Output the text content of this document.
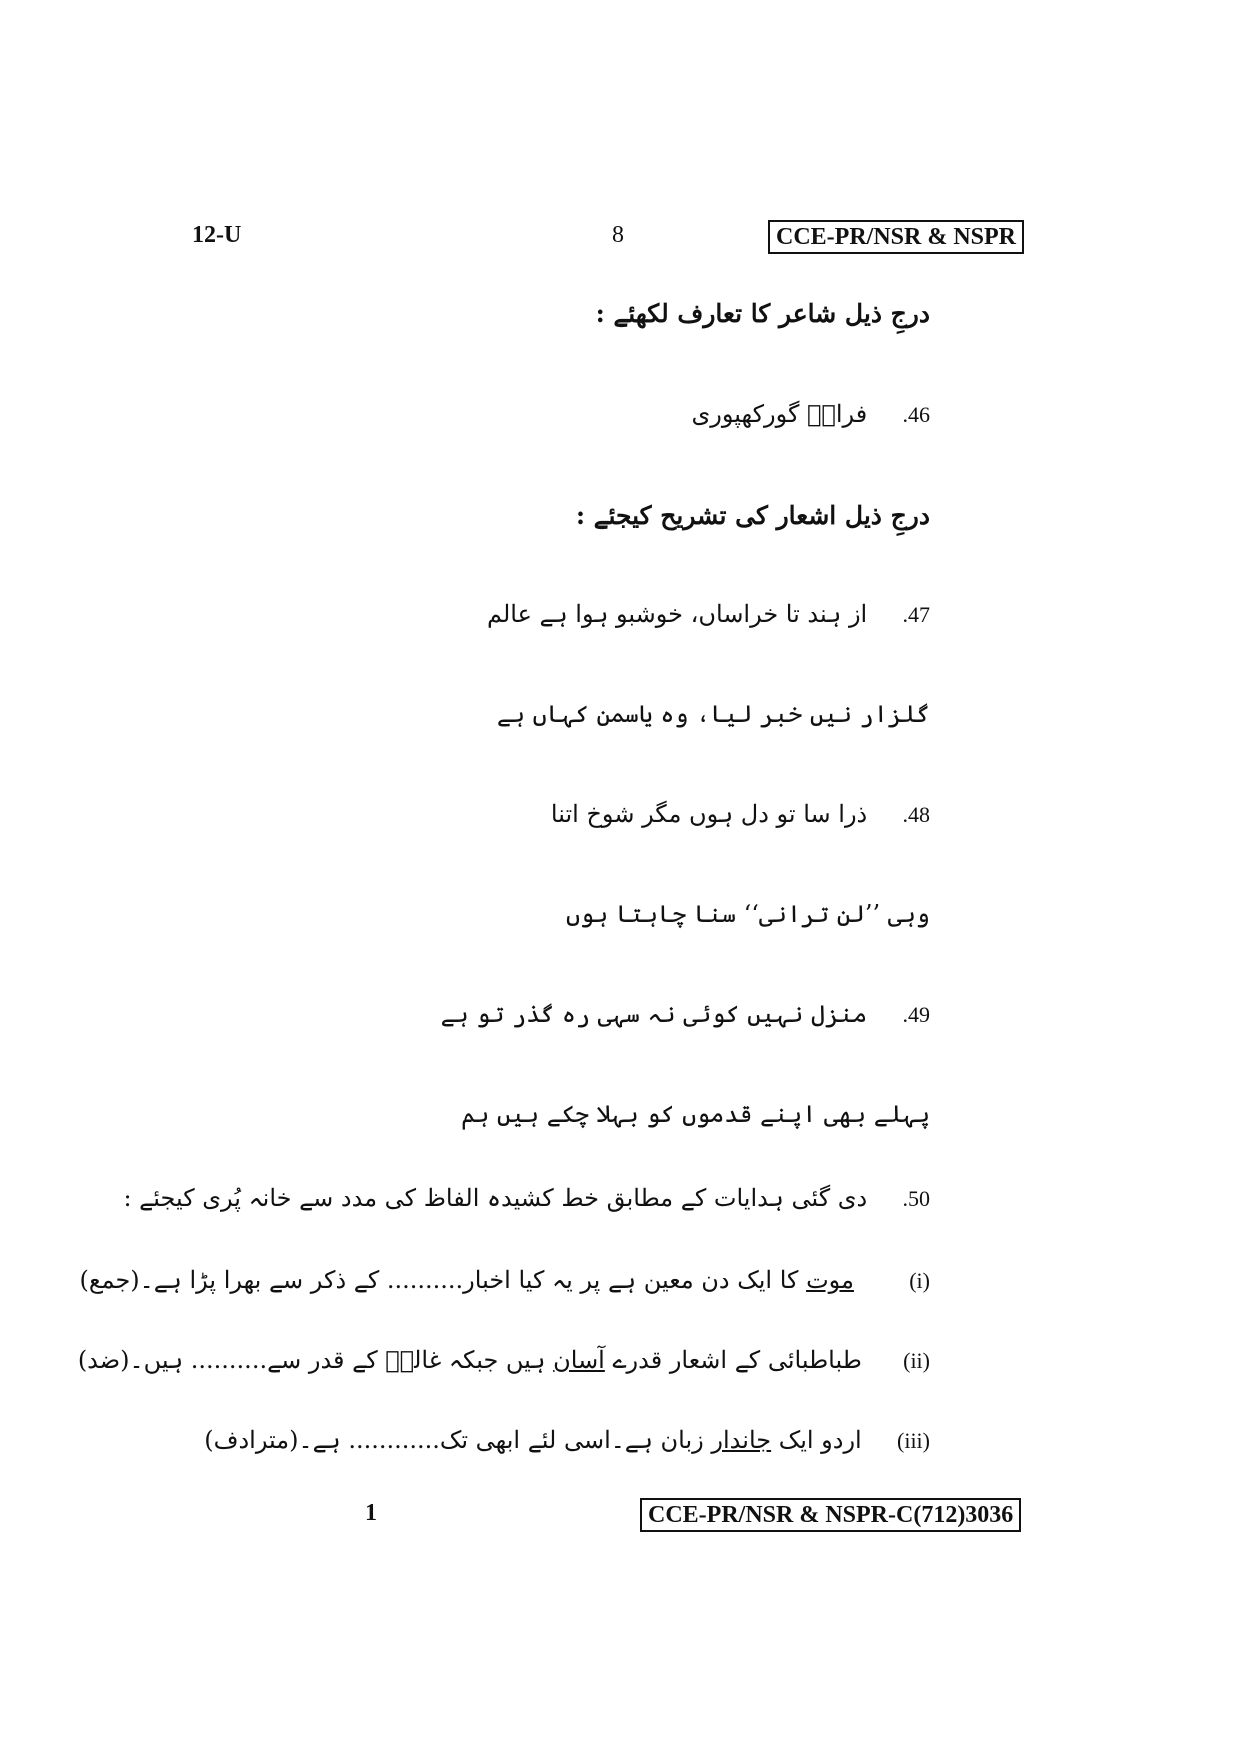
12-U	8	CCE-PR/NSR & NSPR
درجِ ذیل شاعر کا تعارف لکھئے :
46.  فراقؔ گورکھپوری
درجِ ذیل اشعار کی تشریح کیجئے :
47.  از ہند تا خراساں، خوشبو ہوا ہے عالم
گلزار نیں خبر لیا، وہ یاسمن کہاں ہے
48.  ذرا سا تو دل ہوں مگر شوخ اتنا
وہی ’’لن ترانی‘‘ سنا چاہتا ہوں
49.  منزل نہیں کوئی نہ سہی رہ گذر تو ہے
پہلے بھی اپنے قدموں کو بہلا چکے ہیں ہم
50.  دی گئی ہدایات کے مطابق خط کشیدہ الفاظ کی مدد سے خانہ پُری کیجئے :
(i)  موت کا ایک دن معین ہے پر یہ کیا اخبار.......... کے ذکر سے بھرا پڑا ہے۔(جمع)
(ii)  طباطبائی کے اشعار قدرے آسان ہیں جبکہ غالبؔ کے قدر سے.......... ہیں۔(ضد)
(iii)  اردو ایک جاندار زبان ہے۔اسی لئے ابھی تک............ ہے۔(مترادف)
1	CCE-PR/NSR & NSPR-C(712)3036
